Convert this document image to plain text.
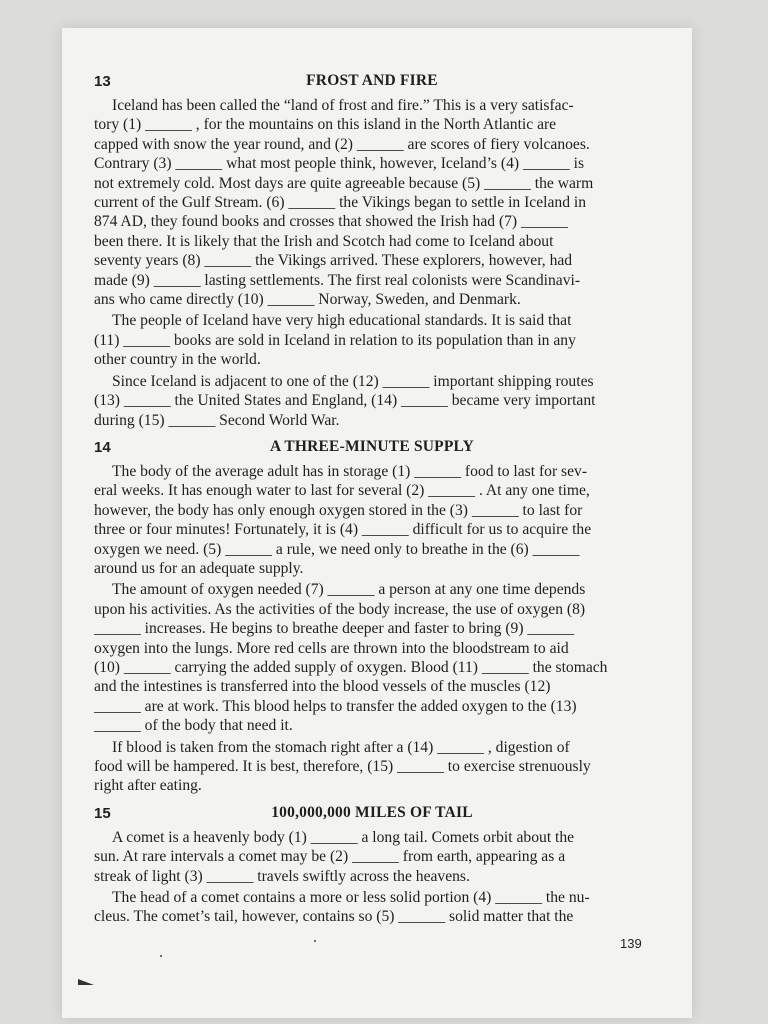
13	FROST AND FIRE

Iceland has been called the “land of frost and fire.” This is a very satisfac-
tory (1) ______ , for the mountains on this island in the North Atlantic are
capped with snow the year round, and (2) ______ are scores of fiery volcanoes.
Contrary (3) ______ what most people think, however, Iceland’s (4) ______ is
not extremely cold. Most days are quite agreeable because (5) ______ the warm
current of the Gulf Stream. (6) ______ the Vikings began to settle in Iceland in
874 AD, they found books and crosses that showed the Irish had (7) ______
been there. It is likely that the Irish and Scotch had come to Iceland about
seventy years (8) ______ the Vikings arrived. These explorers, however, had
made (9) ______ lasting settlements. The first real colonists were Scandinavi-
ans who came directly (10) ______ Norway, Sweden, and Denmark.

The people of Iceland have very high educational standards. It is said that
(11) ______ books are sold in Iceland in relation to its population than in any
other country in the world.

Since Iceland is adjacent to one of the (12) ______ important shipping routes
(13) ______ the United States and England, (14) ______ became very important
during (15) ______ Second World War.

14	A THREE-MINUTE SUPPLY

The body of the average adult has in storage (1) ______ food to last for sev-
eral weeks. It has enough water to last for several (2) ______ . At any one time,
however, the body has only enough oxygen stored in the (3) ______ to last for
three or four minutes! Fortunately, it is (4) ______ difficult for us to acquire the
oxygen we need. (5) ______ a rule, we need only to breathe in the (6) ______
around us for an adequate supply.

The amount of oxygen needed (7) ______ a person at any one time depends
upon his activities. As the activities of the body increase, the use of oxygen (8)
______ increases. He begins to breathe deeper and faster to bring (9) ______
oxygen into the lungs. More red cells are thrown into the bloodstream to aid
(10) ______ carrying the added supply of oxygen. Blood (11) ______ the stomach
and the intestines is transferred into the blood vessels of the muscles (12)
______ are at work. This blood helps to transfer the added oxygen to the (13)
______ of the body that need it.

If blood is taken from the stomach right after a (14) ______ , digestion of
food will be hampered. It is best, therefore, (15) ______ to exercise strenuously
right after eating.

15	100,000,000 MILES OF TAIL

A comet is a heavenly body (1) ______ a long tail. Comets orbit about the
sun. At rare intervals a comet may be (2) ______ from earth, appearing as a
streak of light (3) ______ travels swiftly across the heavens.

The head of a comet contains a more or less solid portion (4) ______ the nu-
cleus. The comet’s tail, however, contains so (5) ______ solid matter that the

139
